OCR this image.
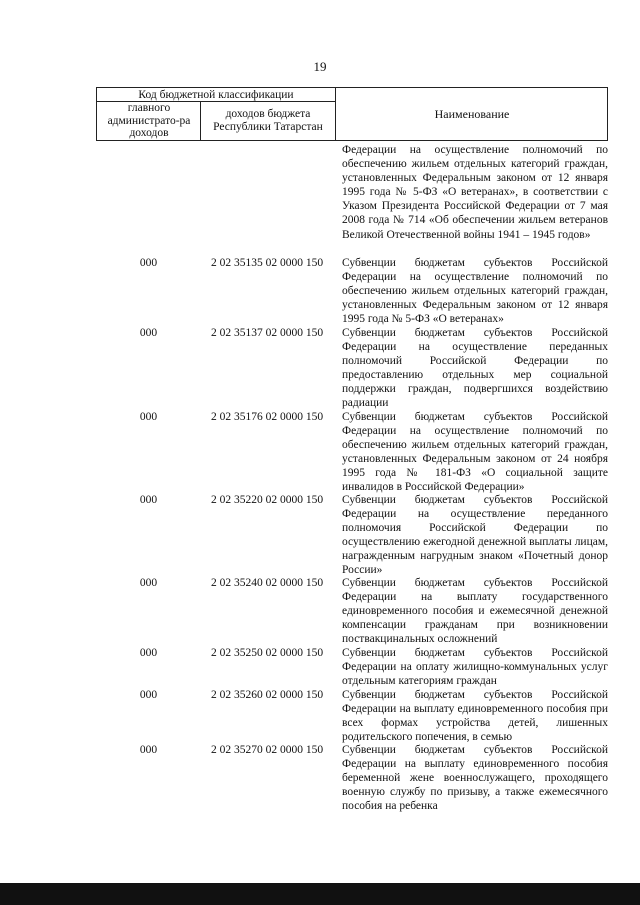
19
Код бюджетной классификации
главного администрато-ра доходов
доходов бюджета Республики Татарстан
Наименование
Федерации на осуществление полномочий по обеспечению жильем отдельных категорий граждан, установленных Федеральным законом от 12 января 1995 года № 5-ФЗ «О ветеранах», в соответствии с Указом Президента Российской Федерации от 7 мая 2008 года № 714 «Об обеспечении жильем ветеранов Великой Отечественной войны 1941 – 1945 годов»
000	2 02 35135 02 0000 150	Субвенции бюджетам субъектов Российской Федерации на осуществление полномочий по обеспечению жильем отдельных категорий граждан, установленных Федеральным законом от 12 января 1995 года № 5-ФЗ «О ветеранах»
000	2 02 35137 02 0000 150	Субвенции бюджетам субъектов Российской Федерации на осуществление переданных полномочий Российской Федерации по предоставлению отдельных мер социальной поддержки граждан, подвергшихся воздействию радиации
000	2 02 35176 02 0000 150	Субвенции бюджетам субъектов Российской Федерации на осуществление полномочий по обеспечению жильем отдельных категорий граждан, установленных Федеральным законом от 24 ноября 1995 года № 181-ФЗ «О социальной защите инвалидов в Российской Федерации»
000	2 02 35220 02 0000 150	Субвенции бюджетам субъектов Российской Федерации на осуществление переданного полномочия Российской Федерации по осуществлению ежегодной денежной выплаты лицам, награжденным нагрудным знаком «Почетный донор России»
000	2 02 35240 02 0000 150	Субвенции бюджетам субъектов Российской Федерации на выплату государственного единовременного пособия и ежемесячной денежной компенсации гражданам при возникновении поствакцинальных осложнений
000	2 02 35250 02 0000 150	Субвенции бюджетам субъектов Российской Федерации на оплату жилищно-коммунальных услуг отдельным категориям граждан
000	2 02 35260 02 0000 150	Субвенции бюджетам субъектов Российской Федерации на выплату единовременного пособия при всех формах устройства детей, лишенных родительского попечения, в семью
000	2 02 35270 02 0000 150	Субвенции бюджетам субъектов Российской Федерации на выплату единовременного пособия беременной жене военнослужащего, проходящего военную службу по призыву, а также ежемесячного пособия на ребенка
